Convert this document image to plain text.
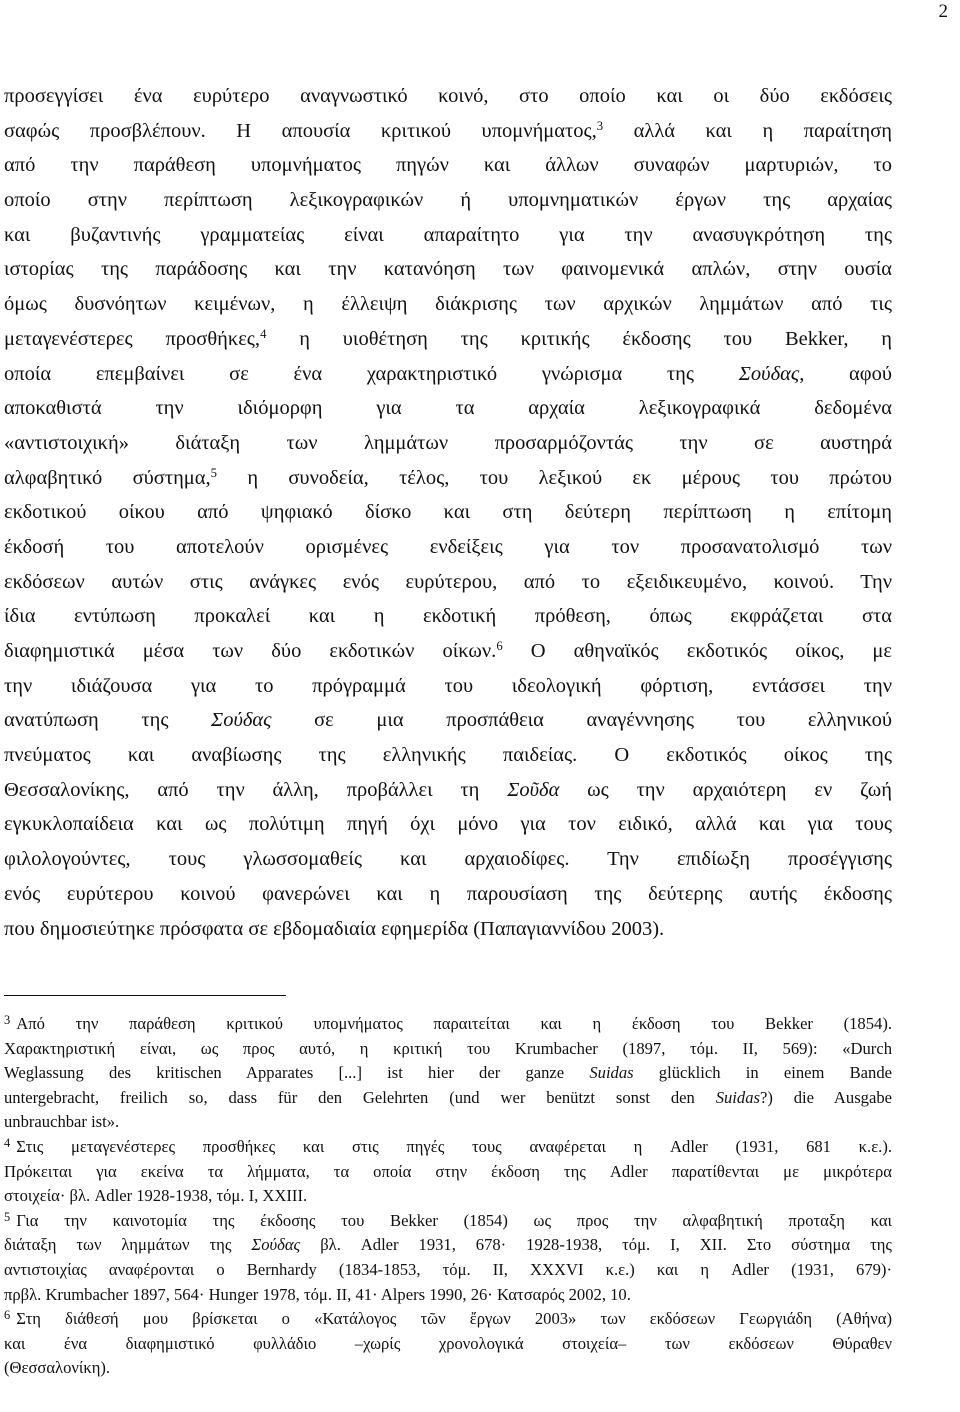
2
προσεγγίσει ένα ευρύτερο αναγνωστικό κοινό, στο οποίο και οι δύο εκδόσεις
σαφώς προσβλέπουν. Η απουσία κριτικού υπομνήματος,$^3$ αλλά και η παραίτηση
από την παράθεση υπομνήματος πηγών και άλλων συναφών μαρτυριών, το
οποίο στην περίπτωση λεξικογραφικών ή υπομνηματικών έργων της αρχαίας
και βυζαντινής γραμματείας είναι απαραίτητο για την ανασυγκρότηση της
ιστορίας της παράδοσης και την κατανόηση των φαινομενικά απλών, στην ουσία
όμως δυσνόητων κειμένων, η έλλειψη διάκρισης των αρχικών λημμάτων από τις
μεταγενέστερες προσθήκες,$^4$ η υιοθέτηση της κριτικής έκδοσης του Bekker, η
οποία επεμβαίνει σε ένα χαρακτηριστικό γνώρισμα της Σούδας, αφού
αποκαθιστά την ιδιόμορφη για τα αρχαία λεξικογραφικά δεδομένα
«αντιστοιχική» διάταξη των λημμάτων προσαρμόζοντάς την σε αυστηρά
αλφαβητικό σύστημα,$^5$ η συνοδεία, τέλος, του λεξικού εκ μέρους του πρώτου
εκδοτικού οίκου από ψηφιακό δίσκο και στη δεύτερη περίπτωση η επίτομη
έκδοσή του αποτελούν ορισμένες ενδείξεις για τον προσανατολισμό των
εκδόσεων αυτών στις ανάγκες ενός ευρύτερου, από το εξειδικευμένο, κοινού. Την
ίδια εντύπωση προκαλεί και η εκδοτική πρόθεση, όπως εκφράζεται στα
διαφημιστικά μέσα των δύο εκδοτικών οίκων.$^6$ Ο αθηναϊκός εκδοτικός οίκος, με
την ιδιάζουσα για το πρόγραμμά του ιδεολογική φόρτιση, εντάσσει την
ανατύπωση της Σούδας σε μια προσπάθεια αναγέννησης του ελληνικού
πνεύματος και αναβίωσης της ελληνικής παιδείας. Ο εκδοτικός οίκος της
Θεσσαλονίκης, από την άλλη, προβάλλει τη Σοῦδα ως την αρχαιότερη εν ζωή
εγκυκλοπαίδεια και ως πολύτιμη πηγή όχι μόνο για τον ειδικό, αλλά και για τους
φιλολογούντες, τους γλωσσομαθείς και αρχαιοδίφες. Την επιδίωξη προσέγγισης
ενός ευρύτερου κοινού φανερώνει και η παρουσίαση της δεύτερης αυτής έκδοσης
που δημοσιεύτηκε πρόσφατα σε εβδομαδιαία εφημερίδα (Παπαγιαννίδου 2003).
$^3$ Από την παράθεση κριτικού υπομνήματος παραιτείται και η έκδοση του Bekker (1854).
Χαρακτηριστική είναι, ως προς αυτό, η κριτική του Krumbacher (1897, τόμ. II, 569): «Durch
Weglassung des kritischen Apparates [...] ist hier der ganze Suidas glücklich in einem Bande
untergebracht, freilich so, dass für den Gelehrten (und wer benützt sonst den Suidas?) die Ausgabe
unbrauchbar ist».
$^4$ Στις μεταγενέστερες προσθήκες και στις πηγές τους αναφέρεται η Adler (1931, 681 κ.ε.).
Πρόκειται για εκείνα τα λήμματα, τα οποία στην έκδοση της Adler παρατίθενται με μικρότερα
στοιχεία· βλ. Adler 1928-1938, τόμ. I, XXIII.
$^5$ Για την καινοτομία της έκδοσης του Bekker (1854) ως προς την αλφαβητική προταξη και
διάταξη των λημμάτων της Σούδας βλ. Adler 1931, 678· 1928-1938, τόμ. I, XII. Στο σύστημα της
αντιστοιχίας αναφέρονται ο Bernhardy (1834-1853, τόμ. II, XXXVI κ.ε.) και η Adler (1931, 679)·
πρβλ. Krumbacher 1897, 564· Hunger 1978, τόμ. II, 41· Alpers 1990, 26· Κατσαρός 2002, 10.
$^6$ Στη διάθεσή μου βρίσκεται ο «Κατάλογος τῶν ἔργων 2003» των εκδόσεων Γεωργιάδη (Αθήνα)
και ένα διαφημιστικό φυλλάδιο –χωρίς χρονολογικά στοιχεία– των εκδόσεων Θύραθεν
(Θεσσαλονίκη).
